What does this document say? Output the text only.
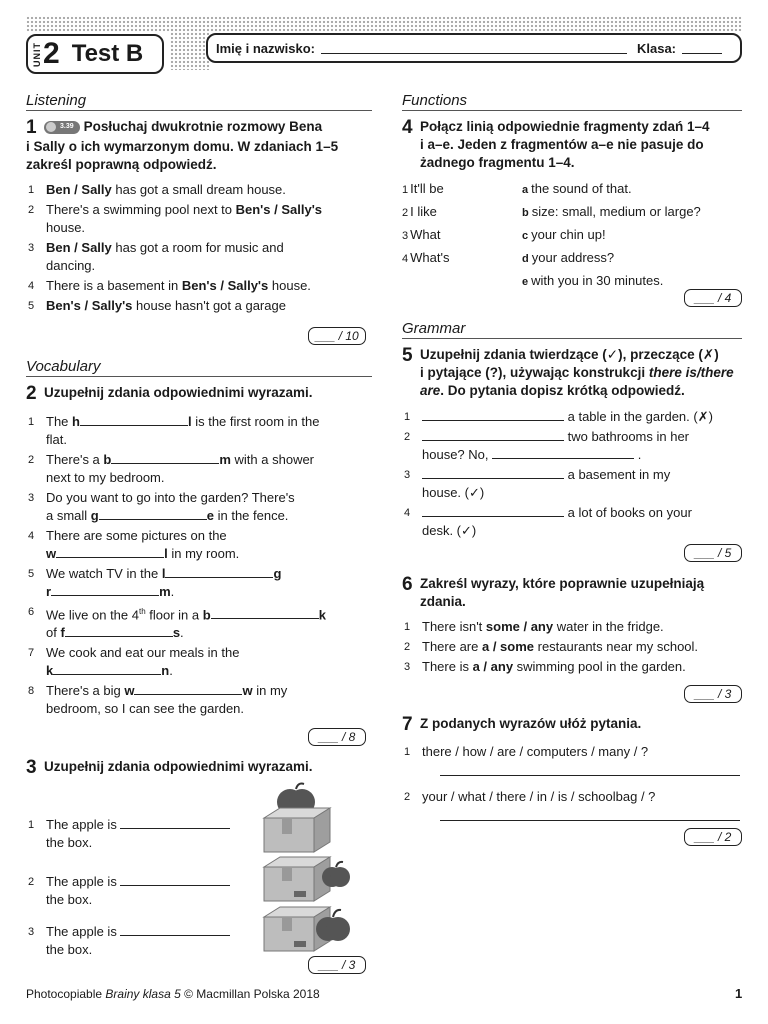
UNIT 2 Test B	Imię i nazwisko:	Klasa:
Listening
1	3.39 Posłuchaj dwukrotnie rozmowy Bena
i Sally o ich wymarzonym domu. W zdaniach 1–5
zakreśl poprawną odpowiedź.
1 Ben / Sally has got a small dream house.
2 There's a swimming pool next to Ben's / Sally's
house.
3 Ben / Sally has got a room for music and
dancing.
4 There is a basement in Ben's / Sally's house.
5 Ben's / Sally's house hasn't got a garage
___ / 10
Vocabulary
2 Uzupełnij zdania odpowiednimi wyrazami.
1 The h	l is the first room in the
flat.
2 There's a b	m with a shower
next to my bedroom.
3 Do you want to go into the garden? There's
a small g	e in the fence.
4 There are some pictures on the
w	l in my room.
5 We watch TV in the l	g
r	m.
6 We live on the 4th floor in a b	k
of f	s.
7 We cook and eat our meals in the
k	n.
8 There's a big w	w in my
bedroom, so I can see the garden.
___ / 8
3 Uzupełnij zdania odpowiednimi wyrazami.
1 The apple is
the box.
2 The apple is
the box.
3 The apple is
the box.
___ / 3
Functions
4 Połącz linią odpowiednie fragmenty zdań 1–4
i a–e. Jeden z fragmentów a–e nie pasuje do
żadnego fragmentu 1–4.
1 It'll be	a the sound of that.
2 I like	b size: small, medium or large?
3 What	c your chin up!
4 What's	d your address?
e with you in 30 minutes.
___ / 4
Grammar
5 Uzupełnij zdania twierdzące (✓), przeczące (✗)
i pytające (?), używając konstrukcji there is/there
are. Do pytania dopisz krótką odpowiedź.
1	a table in the garden. (✗)
2	two bathrooms in her
house? No,	.
3	a basement in my
house. (✓)
4	a lot of books on your
desk. (✓)
___ / 5
6 Zakreśl wyrazy, które poprawnie uzupełniają
zdania.
1 There isn't some / any water in the fridge.
2 There are a / some restaurants near my school.
3 There is a / any swimming pool in the garden.
___ / 3
7 Z podanych wyrazów ułóż pytania.
1 there / how / are / computers / many / ?
2 your / what / there / in / is / schoolbag / ?
___ / 2
Photocopiable Brainy klasa 5 © Macmillan Polska 2018	1
